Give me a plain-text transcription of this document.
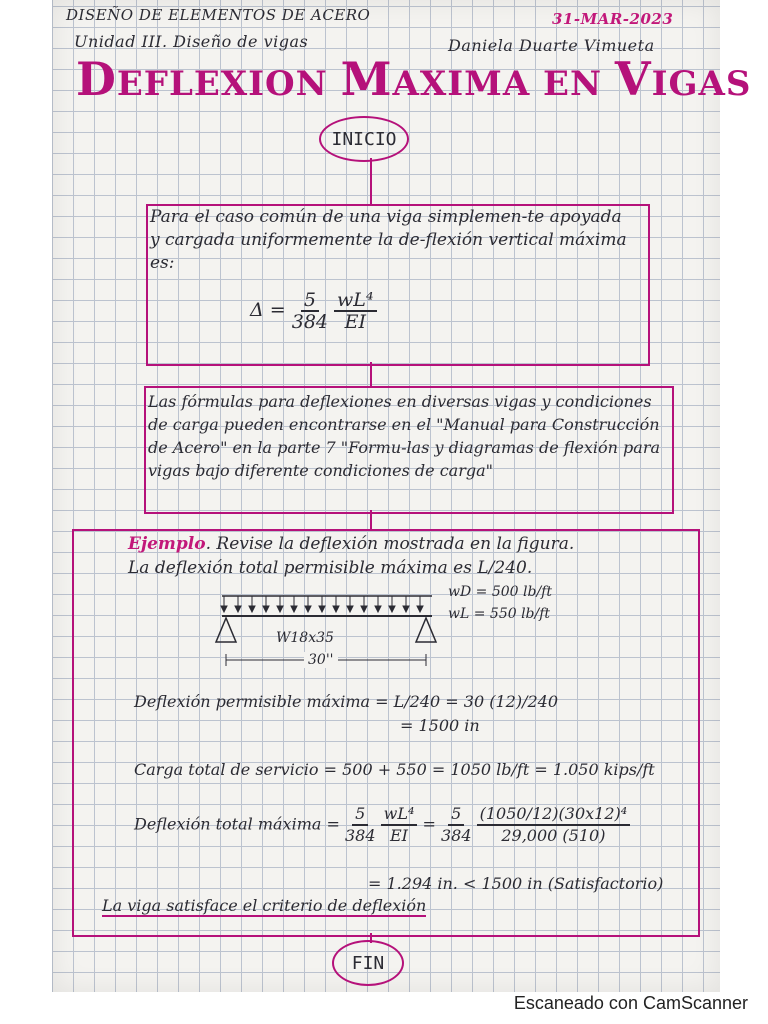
DISEÑO DE ELEMENTOS DE ACERO	31-MAR-2023
Unidad III. Diseño de vigas	Daniela Duarte Vimueta
DEFLEXION MAXIMA EN VIGAS
INICIO
Para el caso común de una viga simplemen-te apoyada y cargada uniformemente la de-flexión vertical máxima es:
$\Delta = \frac{5}{384}$
$\frac{\text{wL⁴}}{EI}$
Las fórmulas para deflexiones en diversas vigas y condiciones de carga pueden encontrarse en el "Manual para Construcción de Acero" en la parte 7 "Formu-las y diagramas de flexión para vigas bajo diferente condiciones de carga"
Ejemplo. Revise la deflexión mostrada en la figura.
La deflexión total permisible máxima es L/240.
wD = 500 lb/ft
wL = 550 lb/ft
W18x35
30''
Deflexión permisible máxima = L/240 = 30 (12)/240
= 1500 in
Carga total de servicio = 500 + 550 = 1050 lb/ft = 1.050 kips/ft
Deflexión total máxima = $\frac{5}{384}$
$\frac{\text{wL⁴}}{EI} = \frac{5}{384}$
$\frac{\text{(1050/12)(30x12)⁴}}{29,000 (510)}$
= 1.294 in. < 1500 in (Satisfactorio)
La viga satisface el criterio de deflexión
FIN
Escaneado con CamScanner
